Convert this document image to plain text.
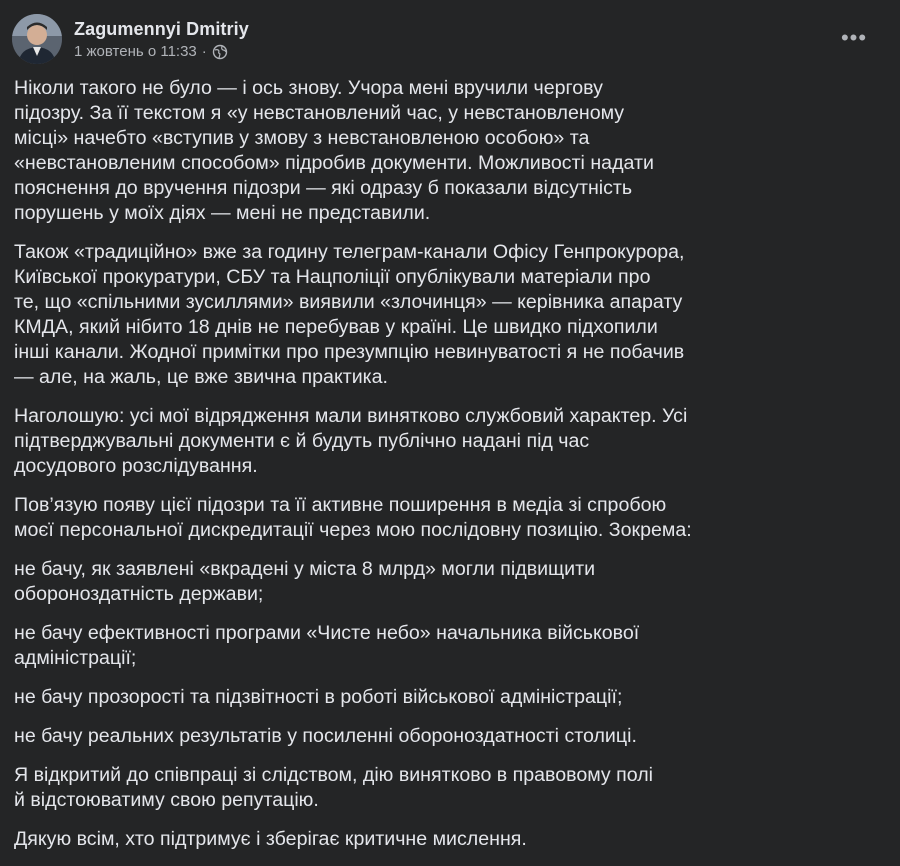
Zagumennyi Dmitriy
1 жовтень о 11:33 ·
•••

Ніколи такого не було — і ось знову. Учора мені вручили чергову
підозру. За її текстом я «у невстановлений час, у невстановленому
місці» начебто «вступив у змову з невстановленою особою» та
«невстановленим способом» підробив документи. Можливості надати
пояснення до вручення підозри — які одразу б показали відсутність
порушень у моїх діях — мені не представили.

Також «традиційно» вже за годину телеграм-канали Офісу Генпрокурора,
Київської прокуратури, СБУ та Нацполіції опублікували матеріали про
те, що «спільними зусиллями» виявили «злочинця» — керівника апарату
КМДА, який нібито 18 днів не перебував у країні. Це швидко підхопили
інші канали. Жодної примітки про презумпцію невинуватості я не побачив
— але, на жаль, це вже звична практика.

Наголошую: усі мої відрядження мали винятково службовий характер. Усі
підтверджувальні документи є й будуть публічно надані під час
досудового розслідування.

Пов’язую появу цієї підозри та її активне поширення в медіа зі спробою
моєї персональної дискредитації через мою послідовну позицію. Зокрема:

не бачу, як заявлені «вкрадені у міста 8 млрд» могли підвищити
обороноздатність держави;

не бачу ефективності програми «Чисте небо» начальника військової адміністрації;

не бачу прозорості та підзвітності в роботі військової адміністрації;

не бачу реальних результатів у посиленні обороноздатності столиці.

Я відкритий до співпраці зі слідством, дію винятково в правовому полі
й відстоюватиму свою репутацію.

Дякую всім, хто підтримує і зберігає критичне мислення.
